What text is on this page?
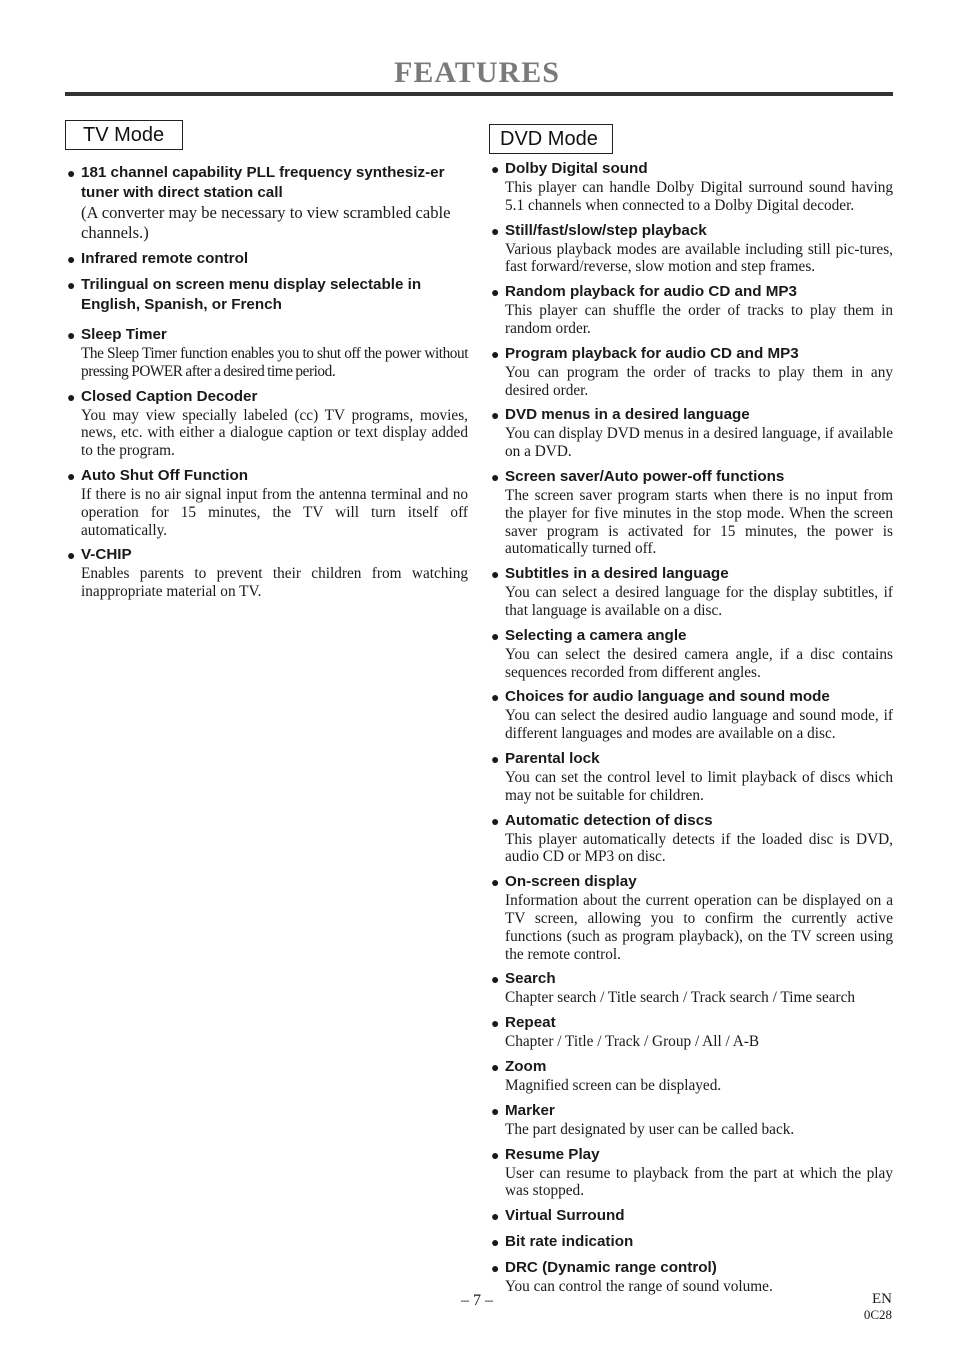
FEATURES
TV Mode
● 181 channel capability PLL frequency synthesiz-er tuner with direct station call
(A converter may be necessary to view scrambled cable channels.)
● Infrared remote control
● Trilingual on screen menu display selectable in English, Spanish, or French
● Sleep Timer
The Sleep Timer function enables you to shut off the power without pressing POWER after a desired time period.
● Closed Caption Decoder
You may view specially labeled (cc) TV programs, movies, news, etc. with either a dialogue caption or text display added to the program.
● Auto Shut Off Function
If there is no air signal input from the antenna terminal and no operation for 15 minutes, the TV will turn itself off automatically.
● V-CHIP
Enables parents to prevent their children from watching inappropriate material on TV.
DVD Mode
● Dolby Digital sound
This player can handle Dolby Digital surround sound having 5.1 channels when connected to a Dolby Digital decoder.
● Still/fast/slow/step playback
Various playback modes are available including still pic-tures, fast forward/reverse, slow motion and step frames.
● Random playback for audio CD and MP3
This player can shuffle the order of tracks to play them in random order.
● Program playback for audio CD and MP3
You can program the order of tracks to play them in any desired order.
● DVD menus in a desired language
You can display DVD menus in a desired language, if available on a DVD.
● Screen saver/Auto power-off functions
The screen saver program starts when there is no input from the player for five minutes in the stop mode. When the screen saver program is activated for 15 minutes, the power is automatically turned off.
● Subtitles in a desired language
You can select a desired language for the display subtitles, if that language is available on a disc.
● Selecting a camera angle
You can select the desired camera angle, if a disc contains sequences recorded from different angles.
● Choices for audio language and sound mode
You can select the desired audio language and sound mode, if different languages and modes are available on a disc.
● Parental lock
You can set the control level to limit playback of discs which may not be suitable for children.
● Automatic detection of discs
This player automatically detects if the loaded disc is DVD, audio CD or MP3 on disc.
● On-screen display
Information about the current operation can be displayed on a TV screen, allowing you to confirm the currently active functions (such as program playback), on the TV screen using the remote control.
● Search
Chapter search / Title search / Track search / Time search
● Repeat
Chapter / Title / Track / Group / All / A-B
● Zoom
Magnified screen can be displayed.
● Marker
The part designated by user can be called back.
● Resume Play
User can resume to playback from the part at which the play was stopped.
● Virtual Surround
● Bit rate indication
● DRC (Dynamic range control)
You can control the range of sound volume.
– 7 –	EN
0C28
